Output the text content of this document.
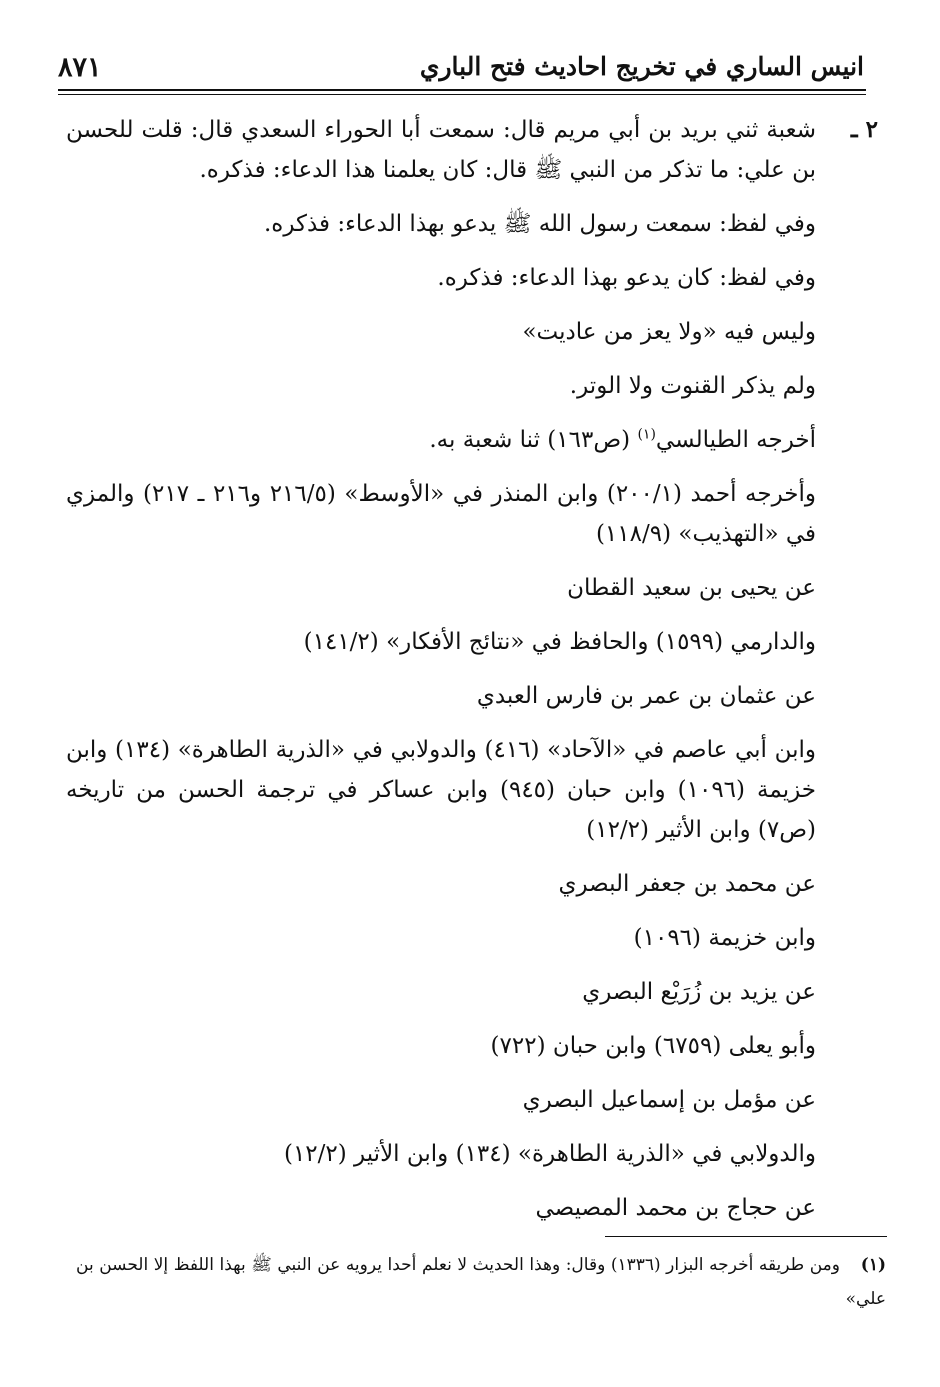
انيس الساري في تخريج احاديث فتح الباري
٨٧١

٢ ـشعبة ثني بريد بن أبي مريم قال: سمعت أبا الحوراء السعدي قال: قلت للحسن بن علي: ما تذكر من النبي ﷺ قال: كان يعلمنا هذا الدعاء: فذكره.

وفي لفظ: سمعت رسول الله ﷺ يدعو بهذا الدعاء: فذكره.

وفي لفظ: كان يدعو بهذا الدعاء: فذكره.

وليس فيه «ولا يعز من عاديت»

ولم يذكر القنوت ولا الوتر.

أخرجه الطيالسي$^{(١)}$ (ص١٦٣) ثنا شعبة به.

وأخرجه أحمد (٢٠٠/١) وابن المنذر في «الأوسط» (٢١٦/٥ و٢١٦ ـ ٢١٧) والمزي في «التهذيب» (١١٨/٩)

عن يحيى بن سعيد القطان

والدارمي (١٥٩٩) والحافظ في «نتائج الأفكار» (١٤١/٢)

عن عثمان بن عمر بن فارس العبدي

وابن أبي عاصم في «الآحاد» (٤١٦) والدولابي في «الذرية الطاهرة» (١٣٤) وابن خزيمة (١٠٩٦) وابن حبان (٩٤٥) وابن عساكر في ترجمة الحسن من تاريخه (ص٧) وابن الأثير (١٢/٢)

عن محمد بن جعفر البصري

وابن خزيمة (١٠٩٦)

عن يزيد بن زُرَيْع البصري

وأبو يعلى (٦٧٥٩) وابن حبان (٧٢٢)

عن مؤمل بن إسماعيل البصري

والدولابي في «الذرية الطاهرة» (١٣٤) وابن الأثير (١٢/٢)

عن حجاج بن محمد المصيصي

(١)ومن طريقه أخرجه البزار (١٣٣٦) وقال: وهذا الحديث لا نعلم أحدا يرويه عن النبي ﷺ بهذا اللفظ إلا الحسن بن علي»
